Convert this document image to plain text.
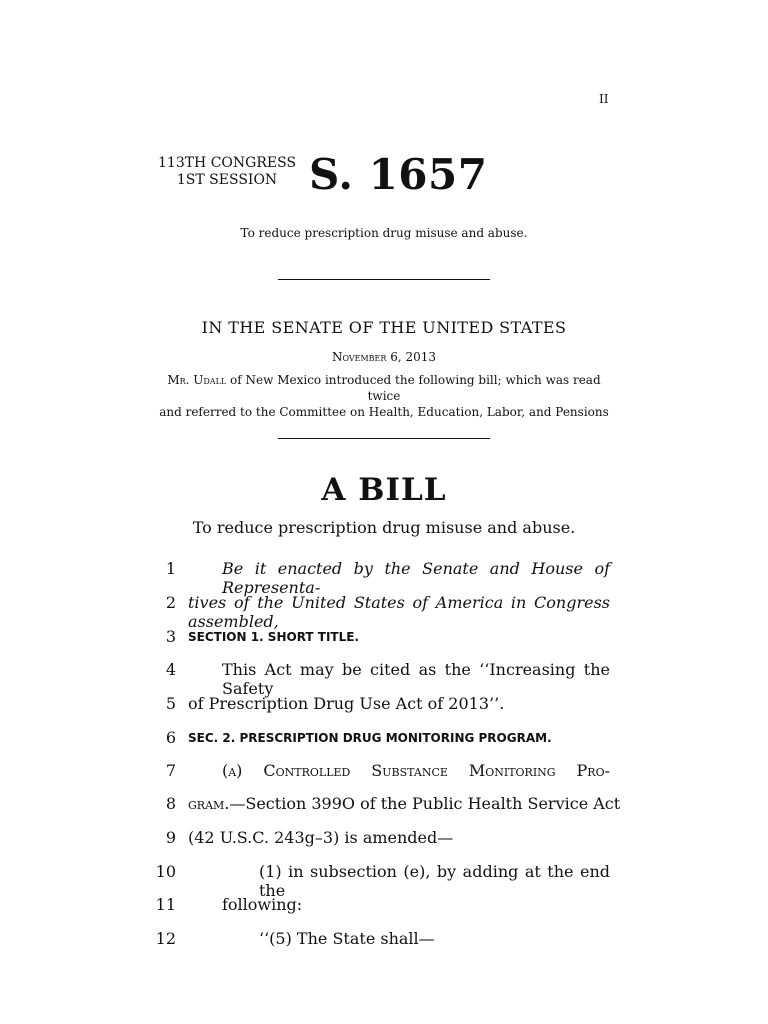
II
113TH CONGRESS
1ST SESSION S. 1657
To reduce prescription drug misuse and abuse.
IN THE SENATE OF THE UNITED STATES
November 6, 2013
Mr. Udall of New Mexico introduced the following bill; which was read twice
and referred to the Committee on Health, Education, Labor, and Pensions
A BILL
To reduce prescription drug misuse and abuse.
1	Be it enacted by the Senate and House of Representa-
2 tives of the United States of America in Congress assembled,
3 SECTION 1. SHORT TITLE.
4	This Act may be cited as the ‘‘Increasing the Safety
5 of Prescription Drug Use Act of 2013’’.
6 SEC. 2. PRESCRIPTION DRUG MONITORING PROGRAM.
7	(a) Controlled Substance Monitoring Pro-
8 gram.—Section 399O of the Public Health Service Act
9 (42 U.S.C. 243g–3) is amended—
10	(1) in subsection (e), by adding at the end the
11	following:
12	‘‘(5) The State shall—
